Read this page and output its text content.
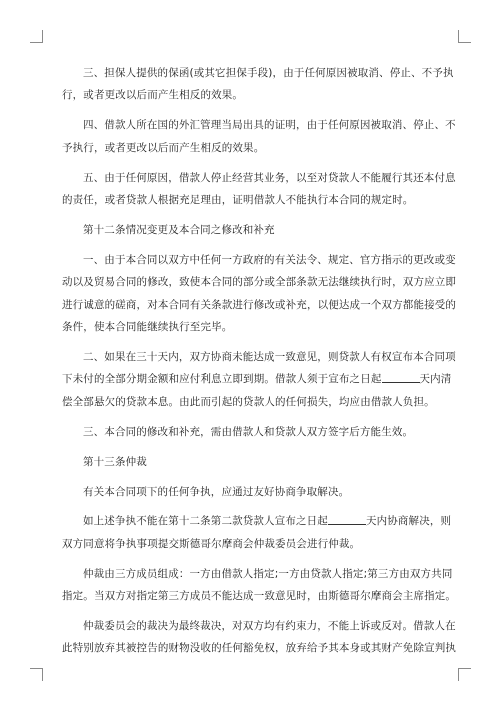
三、担保人提供的保函(或其它担保手段)，由于任何原因被取消、停止、不予执
行，或者更改以后而产生相反的效果。

四、借款人所在国的外汇管理当局出具的证明，由于任何原因被取消、停止、不
予执行，或者更改以后而产生相反的效果。

五、由于任何原因，借款人停止经营其业务，以至对贷款人不能履行其还本付息
的责任，或者贷款人根据充足理由，证明借款人不能执行本合同的规定时。

第十二条情况变更及本合同之修改和补充

一、由于本合同以双方中任何一方政府的有关法令、规定、官方指示的更改或变
动以及贸易合同的修改，致使本合同的部分或全部条款无法继续执行时，双方应立即
进行诚意的磋商，对本合同有关条款进行修改或补充，以便达成一个双方都能接受的
条件，使本合同能继续执行至完毕。

二、如果在三十天内，双方协商未能达成一致意见，则贷款人有权宣布本合同项
下未付的全部分期金额和应付利息立即到期。借款人须于宣布之日起	天内清
偿全部悬欠的贷款本息。由此而引起的贷款人的任何损失，均应由借款人负担。

三、本合同的修改和补充，需由借款人和贷款人双方签字后方能生效。

第十三条仲裁

有关本合同项下的任何争执，应通过友好协商争取解决。

如上述争执不能在第十二条第二款贷款人宣布之日起	天内协商解决，则
双方同意将争执事项提交斯德哥尔摩商会仲裁委员会进行仲裁。

仲裁由三方成员组成：一方由借款人指定;一方由贷款人指定;第三方由双方共同
指定。当双方对指定第三方成员不能达成一致意见时，由斯德哥尔摩商会主席指定。

仲裁委员会的裁决为最终裁决，对双方均有约束力，不能上诉或反对。借款人在
此特别放弃其被控告的财物没收的任何豁免权，放弃给予其本身或其财产免除宣判执
